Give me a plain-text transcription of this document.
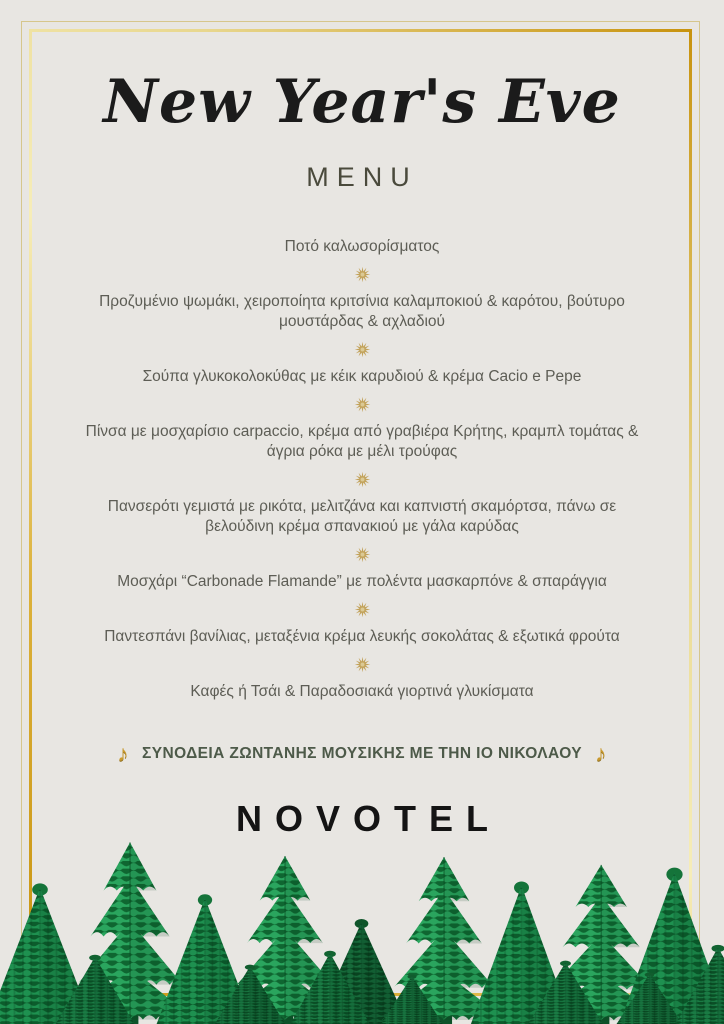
New Year's Eve
MENU

Ποτό καλωσορίσματος

Προζυμένιο ψωμάκι, χειροποίητα κριτσίνια καλαμποκιού & καρότου, βούτυρο μουστάρδας & αχλαδιού

Σούπα γλυκοκολοκύθας με κέικ καρυδιού & κρέμα Cacio e Pepe

Πίνσα με μοσχαρίσιο carpaccio, κρέμα από γραβιέρα Κρήτης, κραμπλ τομάτας & άγρια ρόκα με μέλι τρούφας

Πανσερότι γεμιστά με ρικότα, μελιτζάνα και καπνιστή σκαμόρτσα, πάνω σε βελούδινη κρέμα σπανακιού με γάλα καρύδας

Μοσχάρι “Carbonade Flamande” με πολέντα μασκαρπόνε & σπαράγγια

Παντεσπάνι βανίλιας, μεταξένια κρέμα λευκής σοκολάτας & εξωτικά φρούτα

Καφές ή Τσάι & Παραδοσιακά γιορτινά γλυκίσματα

♪ ΣΥΝΟΔΕΙΑ ΖΩΝΤΑΝΗΣ ΜΟΥΣΙΚΗΣ ΜΕ ΤΗΝ ΙΟ ΝΙΚΟΛΑΟΥ ♪
NOVOTEL
